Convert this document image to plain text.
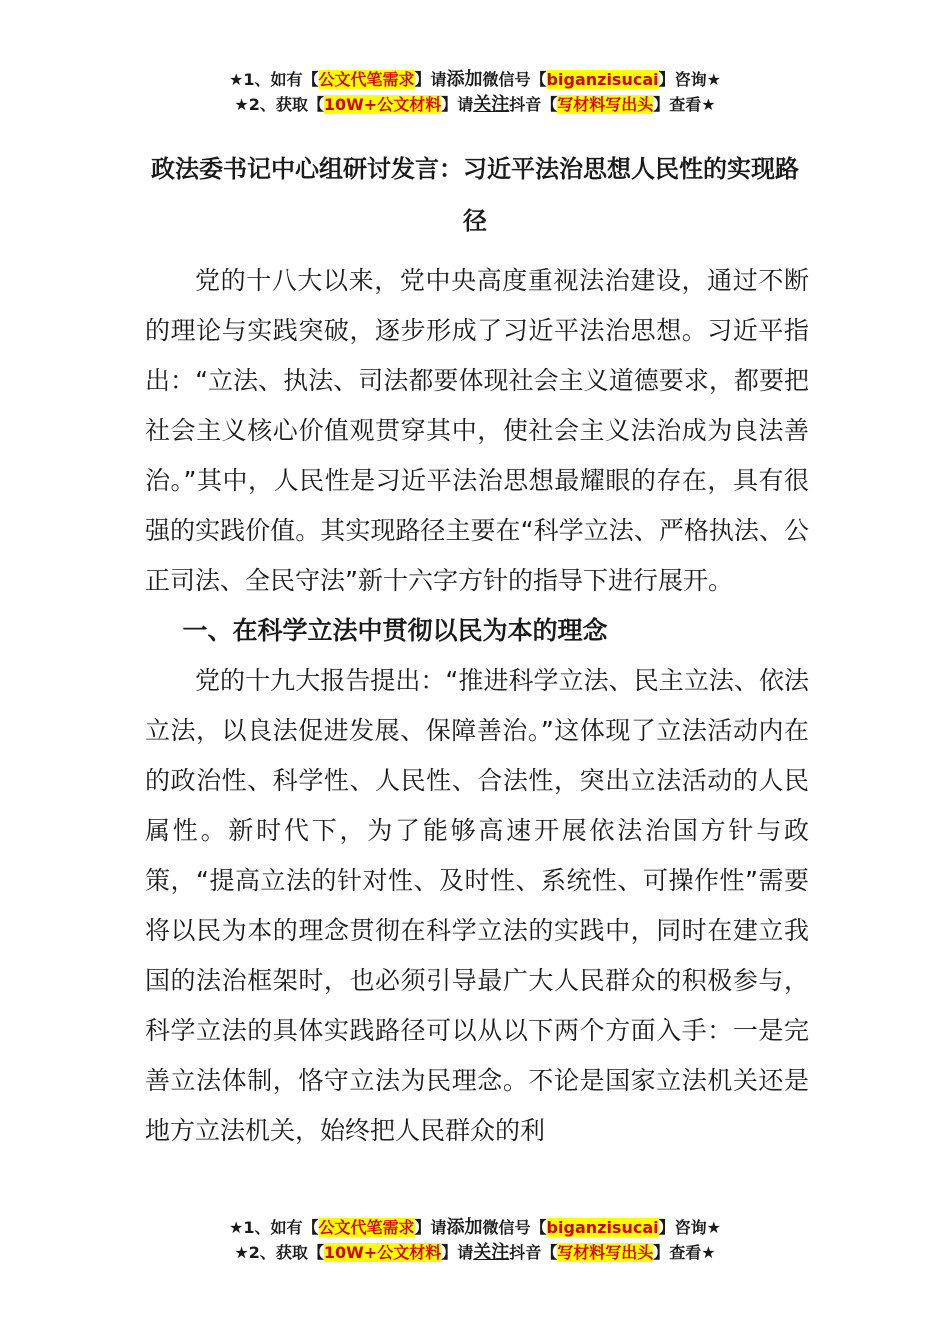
★1、如有【公文代笔需求】请添加微信号【biganzisucai】咨询★
★2、获取【10W+公文材料】请关注抖音【写材料写出头】查看★
政法委书记中心组研讨发言：习近平法治思想人民性的实现路径

党的十八大以来，党中央高度重视法治建设，通过不断的理论与实践突破，逐步形成了习近平法治思想。习近平指出：“立法、执法、司法都要体现社会主义道德要求，都要把社会主义核心价值观贯穿其中，使社会主义法治成为良法善治。”其中，人民性是习近平法治思想最耀眼的存在，具有很强的实践价值。其实现路径主要在“科学立法、严格执法、公正司法、全民守法”新十六字方针的指导下进行展开。

一、在科学立法中贯彻以民为本的理念

党的十九大报告提出：“推进科学立法、民主立法、依法立法，以良法促进发展、保障善治。”这体现了立法活动内在的政治性、科学性、人民性、合法性，突出立法活动的人民属性。新时代下，为了能够高速开展依法治国方针与政策，“提高立法的针对性、及时性、系统性、可操作性”需要将以民为本的理念贯彻在科学立法的实践中，同时在建立我国的法治框架时，也必须引导最广大人民群众的积极参与，科学立法的具体实践路径可以从以下两个方面入手：一是完善立法体制，恪守立法为民理念。不论是国家立法机关还是地方立法机关，始终把人民群众的利

★1、如有【公文代笔需求】请添加微信号【biganzisucai】咨询★
★2、获取【10W+公文材料】请关注抖音【写材料写出头】查看★
